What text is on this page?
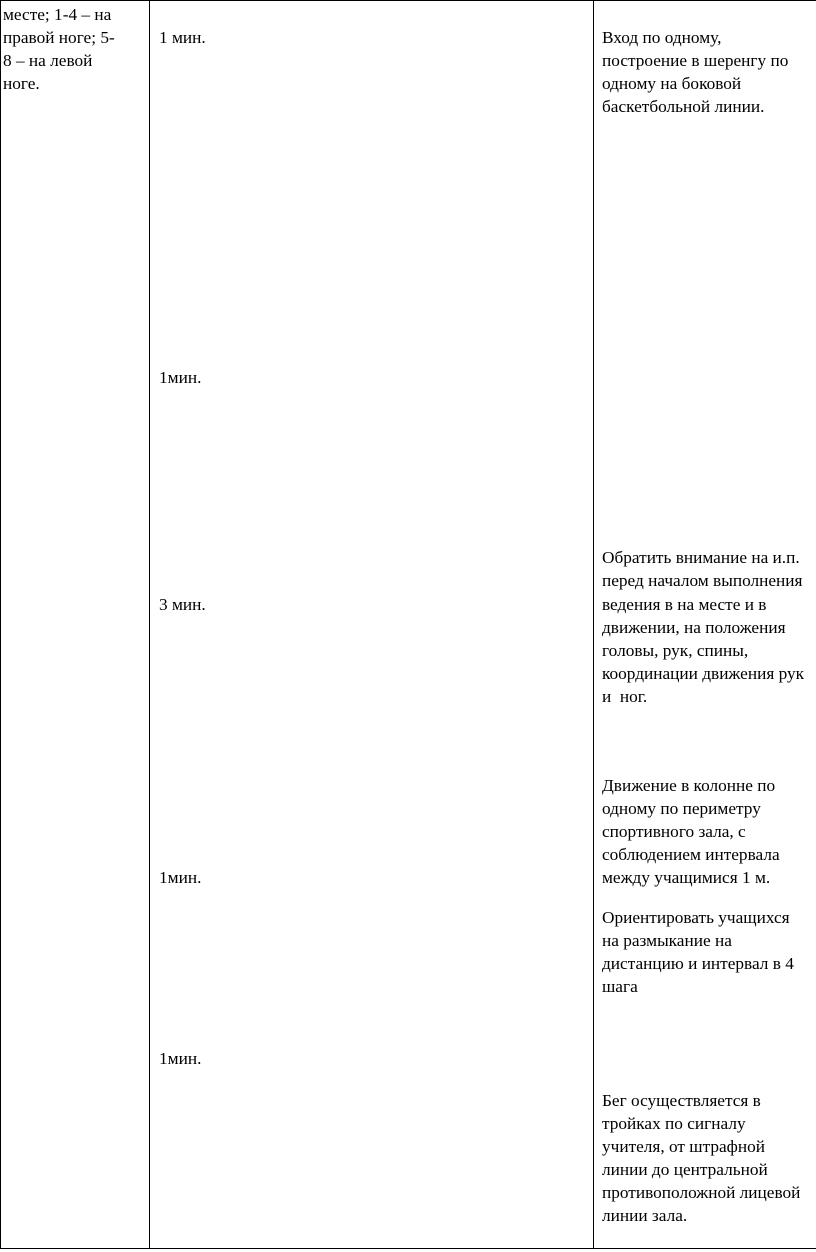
месте; 1-4 – на
правой ноге; 5-
8 – на левой
ноге.
1 мин.
1мин.
3 мин.
1мин.
1мин.
Вход по одному,
построение в шеренгу по
одному на боковой
баскетбольной линии.
Обратить внимание на и.п.
перед началом выполнения
ведения в на месте и в
движении, на положения
головы, рук, спины,
координации движения рук
и  ног.
Движение в колонне по
одному по периметру
спортивного зала, с
соблюдением интервала
между учащимися 1 м.
Ориентировать учащихся
на размыкание на
дистанцию и интервал в 4
шага
Бег осуществляется в
тройках по сигналу
учителя, от штрафной
линии до центральной
противоположной лицевой
линии зала.
